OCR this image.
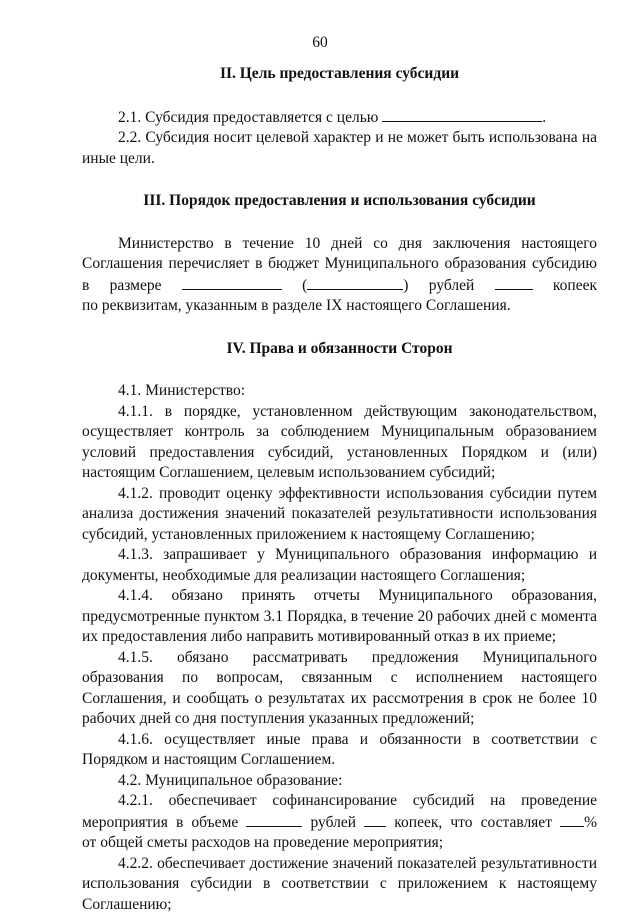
60

II. Цель предоставления субсидии

2.1. Субсидия предоставляется с целью	.

2.2. Субсидия носит целевой характер и не может быть использована на иные цели.

III. Порядок предоставления и использования субсидии

Министерство в течение 10 дней со дня заключения настоящего Соглашения перечисляет в бюджет Муниципального образования субсидию

в размере	(	) рублей	копеек

по реквизитам, указанным в разделе IX настоящего Соглашения.

IV. Права и обязанности Сторон

4.1. Министерство:

4.1.1. в порядке, установленном действующим законодательством, осуществляет контроль за соблюдением Муниципальным образованием условий предоставления субсидий, установленных Порядком и (или) настоящим Соглашением, целевым использованием субсидий;

4.1.2. проводит оценку эффективности использования субсидии путем анализа достижения значений показателей результативности использования субсидий, установленных приложением к настоящему Соглашению;

4.1.3. запрашивает у Муниципального образования информацию и документы, необходимые для реализации настоящего Соглашения;

4.1.4. обязано принять отчеты Муниципального образования, предусмотренные пунктом 3.1 Порядка, в течение 20 рабочих дней с момента их предоставления либо направить мотивированный отказ в их приеме;

4.1.5. обязано рассматривать предложения Муниципального образования по вопросам, связанным с исполнением настоящего Соглашения, и сообщать о результатах их рассмотрения в срок не более 10 рабочих дней со дня поступления указанных предложений;

4.1.6. осуществляет иные права и обязанности в соответствии с Порядком и настоящим Соглашением.

4.2. Муниципальное образование:

4.2.1. обеспечивает софинансирование субсидий на проведение мероприятия в объеме	рублей копеек, что составляет %

от общей сметы расходов на проведение мероприятия;

4.2.2. обеспечивает достижение значений показателей результативности использования субсидии в соответствии с приложением к настоящему Соглашению;
